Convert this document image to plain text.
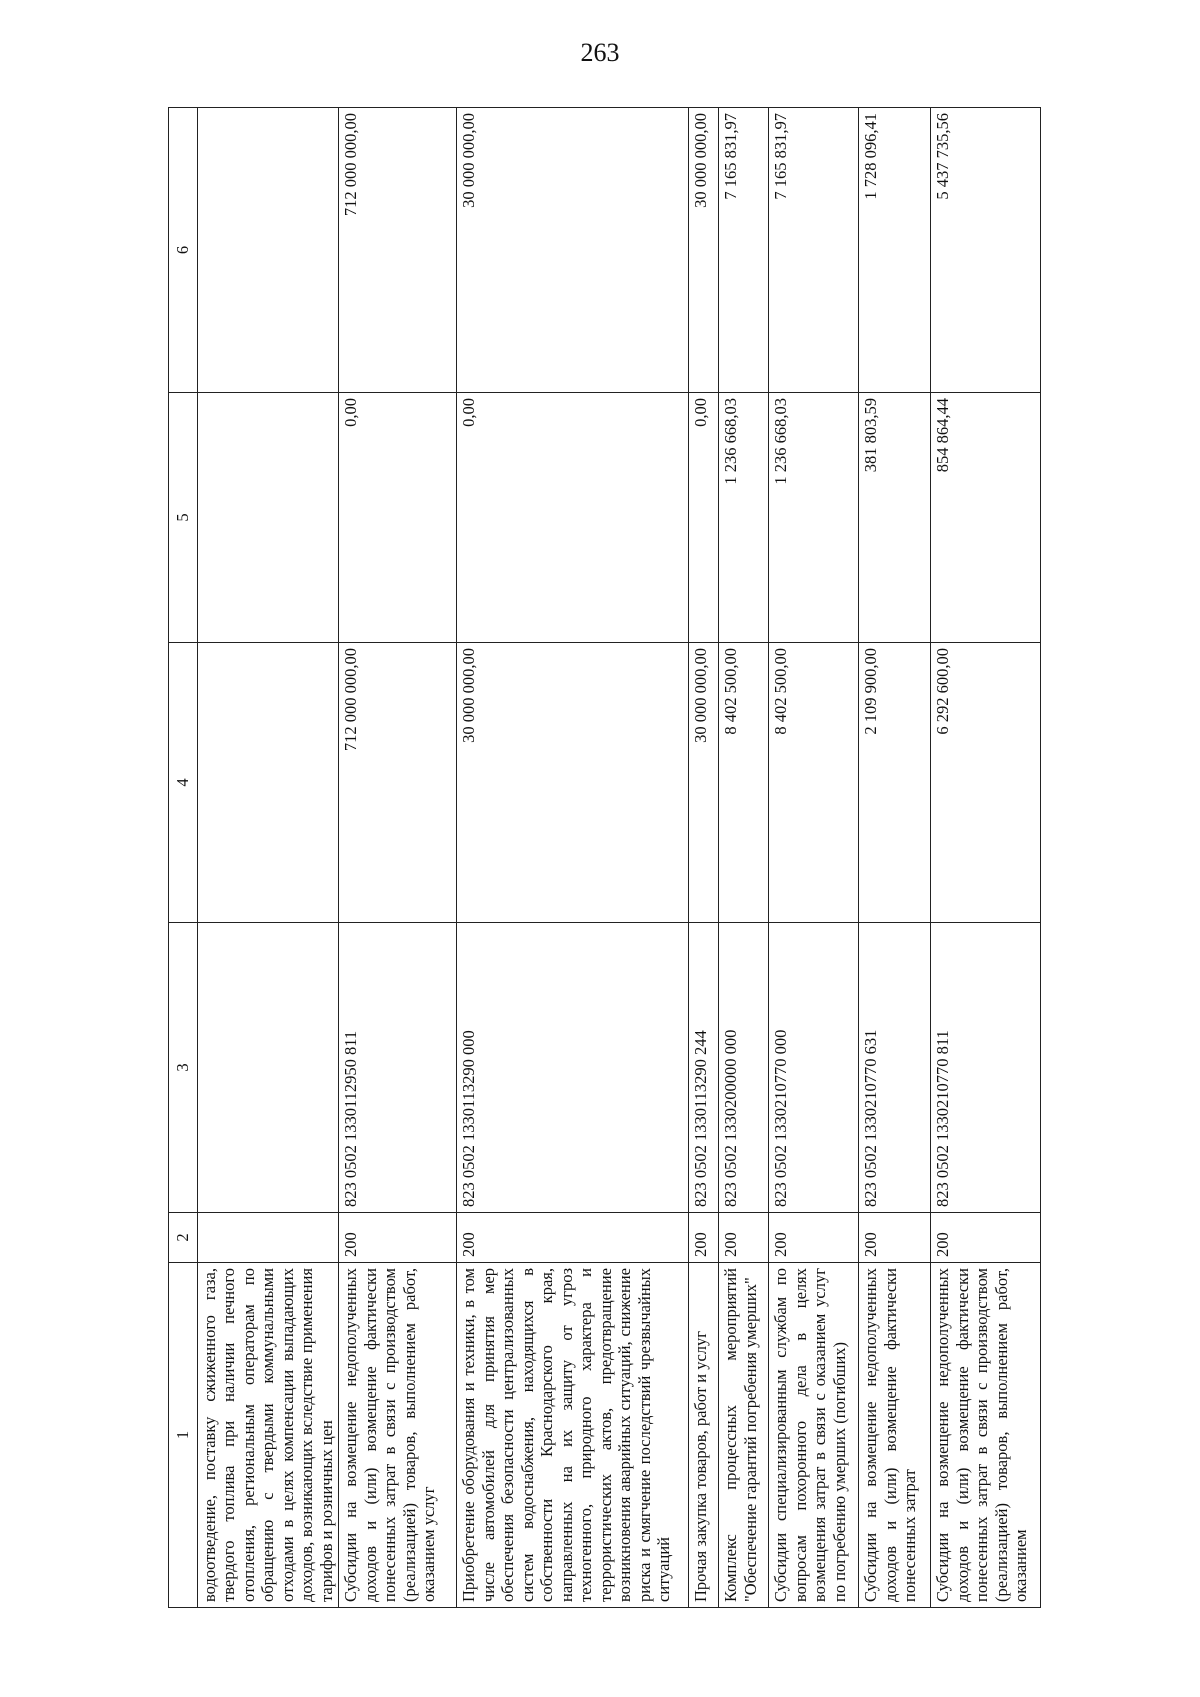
263
1	2	3	4	5	6
водоотведение, поставку сжиженного газа, твердого топлива при наличии печного отопления, региональным операторам по обращению с твердыми коммунальными отходами в целях компенсации выпадающих доходов, возникающих вследствие применения тарифов и розничных цен					
Субсидии на возмещение недополученных доходов и (или) возмещение фактически понесенных затрат в связи с производством (реализацией) товаров, выполнением работ, оказанием услуг	200	823 0502 1330112950 811	712 000 000,00	0,00	712 000 000,00
Приобретение оборудования и техники, в том числе автомобилей для принятия мер обеспечения безопасности централизованных систем водоснабжения, находящихся в собственности Краснодарского края, направленных на их защиту от угроз техногенного, природного характера и террористических актов, предотвращение возникновения аварийных ситуаций, снижение риска и смягчение последствий чрезвычайных ситуаций	200	823 0502 1330113290 000	30 000 000,00	0,00	30 000 000,00
Прочая закупка товаров, работ и услуг	200	823 0502 1330113290 244	30 000 000,00	0,00	30 000 000,00
Комплекс процессных мероприятий "Обеспечение гарантий погребения умерших"	200	823 0502 1330200000 000	8 402 500,00	1 236 668,03	7 165 831,97
Субсидии специализированным службам по вопросам похоронного дела в целях возмещения затрат в связи с оказанием услуг по погребению умерших (погибших)	200	823 0502 1330210770 000	8 402 500,00	1 236 668,03	7 165 831,97
Субсидии на возмещение недополученных доходов и (или) возмещение фактически понесенных затрат	200	823 0502 1330210770 631	2 109 900,00	381 803,59	1 728 096,41
Субсидии на возмещение недополученных доходов и (или) возмещение фактически понесенных затрат в связи с производством (реализацией) товаров, выполнением работ, оказанием	200	823 0502 1330210770 811	6 292 600,00	854 864,44	5 437 735,56
